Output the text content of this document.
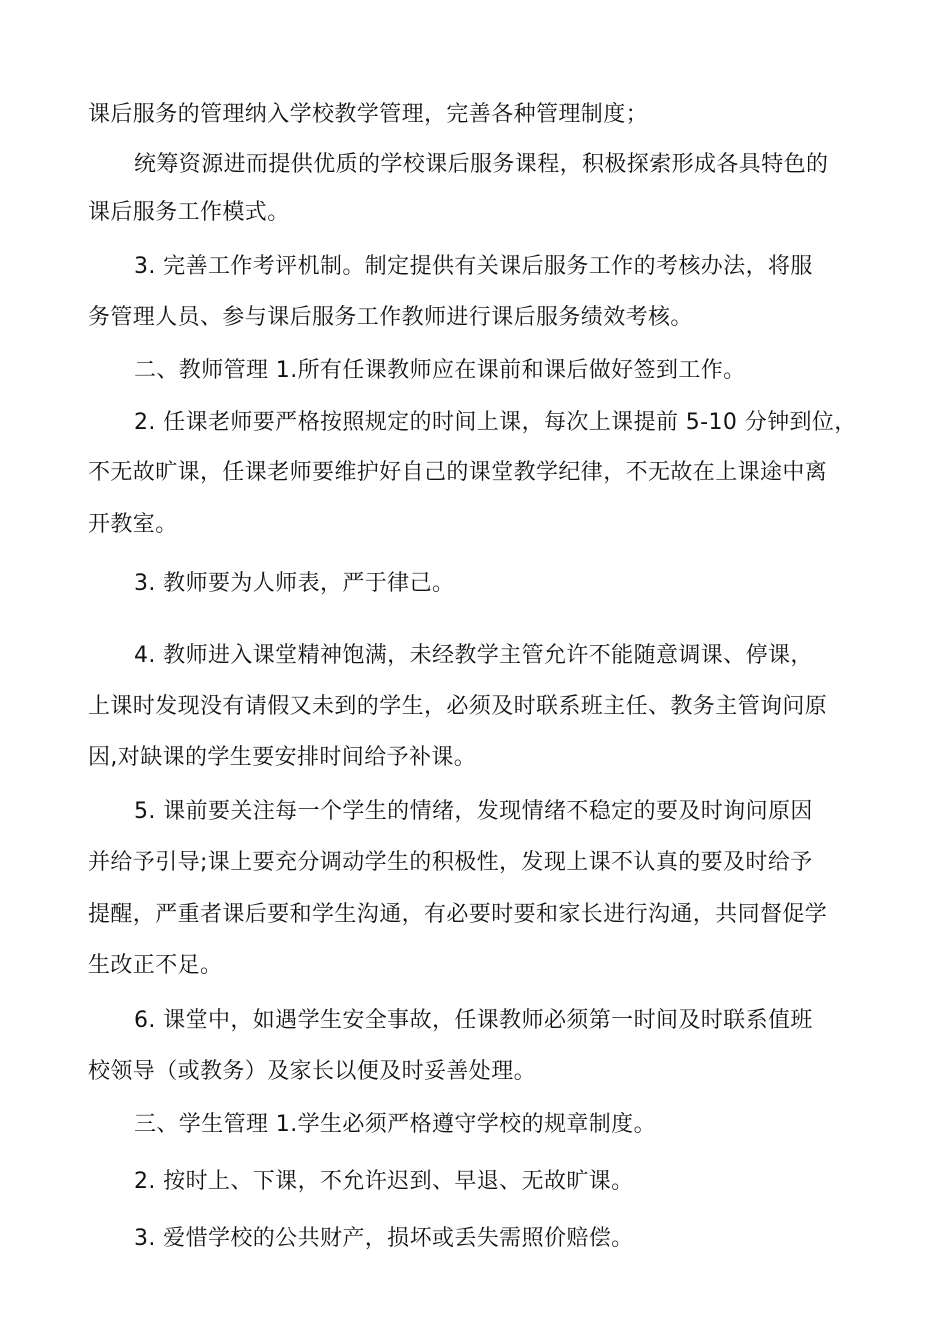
课后服务的管理纳入学校教学管理，完善各种管理制度；

统筹资源进而提供优质的学校课后服务课程，积极探索形成各具特色的

课后服务工作模式。

3. 完善工作考评机制。制定提供有关课后服务工作的考核办法，将服

务管理人员、参与课后服务工作教师进行课后服务绩效考核。

二、教师管理 1.所有任课教师应在课前和课后做好签到工作。

2. 任课老师要严格按照规定的时间上课，每次上课提前 5-10 分钟到位，

不无故旷课，任课老师要维护好自己的课堂教学纪律，不无故在上课途中离

开教室。

3. 教师要为人师表，严于律己。

4. 教师进入课堂精神饱满，未经教学主管允许不能随意调课、停课，

上课时发现没有请假又未到的学生，必须及时联系班主任、教务主管询问原

因,对缺课的学生要安排时间给予补课。

5. 课前要关注每一个学生的情绪，发现情绪不稳定的要及时询问原因

并给予引导;课上要充分调动学生的积极性，发现上课不认真的要及时给予

提醒，严重者课后要和学生沟通，有必要时要和家长进行沟通，共同督促学

生改正不足。

6. 课堂中，如遇学生安全事故，任课教师必须第一时间及时联系值班

校领导（或教务）及家长以便及时妥善处理。

三、学生管理 1.学生必须严格遵守学校的规章制度。

2. 按时上、下课，不允许迟到、早退、无故旷课。

3. 爱惜学校的公共财产，损坏或丢失需照价赔偿。
